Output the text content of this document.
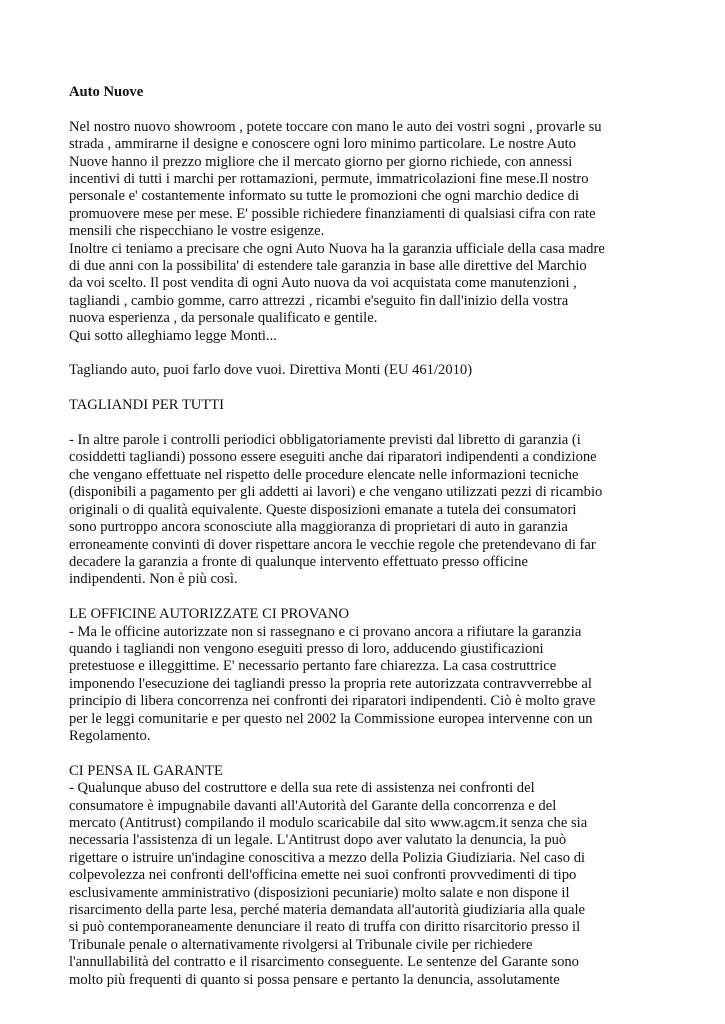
Auto Nuove
Nel nostro nuovo showroom , potete toccare con mano le auto dei vostri sogni , provarle su
strada , ammirarne il designe e conoscere ogni loro minimo particolare. Le nostre Auto
Nuove hanno il prezzo migliore che il mercato giorno per giorno richiede, con annessi
incentivi di tutti i marchi per rottamazioni, permute, immatricolazioni fine mese.Il nostro
personale e' costantemente informato su tutte le promozioni che ogni marchio dedice di
promuovere mese per mese. E' possible richiedere finanziamenti di qualsiasi cifra con rate
mensili che rispecchiano le vostre esigenze.
Inoltre ci teniamo a precisare che ogni Auto Nuova ha la garanzia ufficiale della casa madre
di due anni con la possibilita' di estendere tale garanzia in base alle direttive del Marchio
da voi scelto. Il post vendita di ogni Auto nuova da voi acquistata come manutenzioni ,
tagliandi , cambio gomme, carro attrezzi , ricambi e'seguito fin dall'inizio della vostra
nuova esperienza , da personale qualificato e gentile.
Qui sotto alleghiamo legge Monti...
Tagliando auto, puoi farlo dove vuoi. Direttiva Monti (EU 461/2010)
TAGLIANDI PER TUTTI
- In altre parole i controlli periodici obbligatoriamente previsti dal libretto di garanzia (i
cosiddetti tagliandi) possono essere eseguiti anche dai riparatori indipendenti a condizione
che vengano effettuate nel rispetto delle procedure elencate nelle informazioni tecniche
(disponibili a pagamento per gli addetti ai lavori) e che vengano utilizzati pezzi di ricambio
originali o di qualità equivalente. Queste disposizioni emanate a tutela dei consumatori
sono purtroppo ancora sconosciute alla maggioranza di proprietari di auto in garanzia
erroneamente convinti di dover rispettare ancora le vecchie regole che pretendevano di far
decadere la garanzia a fronte di qualunque intervento effettuato presso officine
indipendenti. Non è più così.
LE OFFICINE AUTORIZZATE CI PROVANO
- Ma le officine autorizzate non si rassegnano e ci provano ancora a rifiutare la garanzia
quando i tagliandi non vengono eseguiti presso di loro, adducendo giustificazioni
pretestuose e illeggittime. E' necessario pertanto fare chiarezza. La casa costruttrice
imponendo l'esecuzione dei tagliandi presso la propria rete autorizzata contravverrebbe al
principio di libera concorrenza nei confronti dei riparatori indipendenti. Ciò è molto grave
per le leggi comunitarie e per questo nel 2002 la Commissione europea intervenne con un
Regolamento.
CI PENSA IL GARANTE
- Qualunque abuso del costruttore e della sua rete di assistenza nei confronti del
consumatore è impugnabile davanti all'Autorità del Garante della concorrenza e del
mercato (Antitrust) compilando il modulo scaricabile dal sito www.agcm.it senza che sia
necessaria l'assistenza di un legale. L'Antitrust dopo aver valutato la denuncia, la può
rigettare o istruire un'indagine conoscitiva a mezzo della Polizia Giudiziaria. Nel caso di
colpevolezza nei confronti dell'officina emette nei suoi confronti provvedimenti di tipo
esclusivamente amministrativo (disposizioni pecuniarie) molto salate e non dispone il
risarcimento della parte lesa, perché materia demandata all'autorità giudiziaria alla quale
si può contemporaneamente denunciare il reato di truffa con diritto risarcitorio presso il
Tribunale penale o alternativamente rivolgersi al Tribunale civile per richiedere
l'annullabilità del contratto e il risarcimento conseguente. Le sentenze del Garante sono
molto più frequenti di quanto si possa pensare e pertanto la denuncia, assolutamente
